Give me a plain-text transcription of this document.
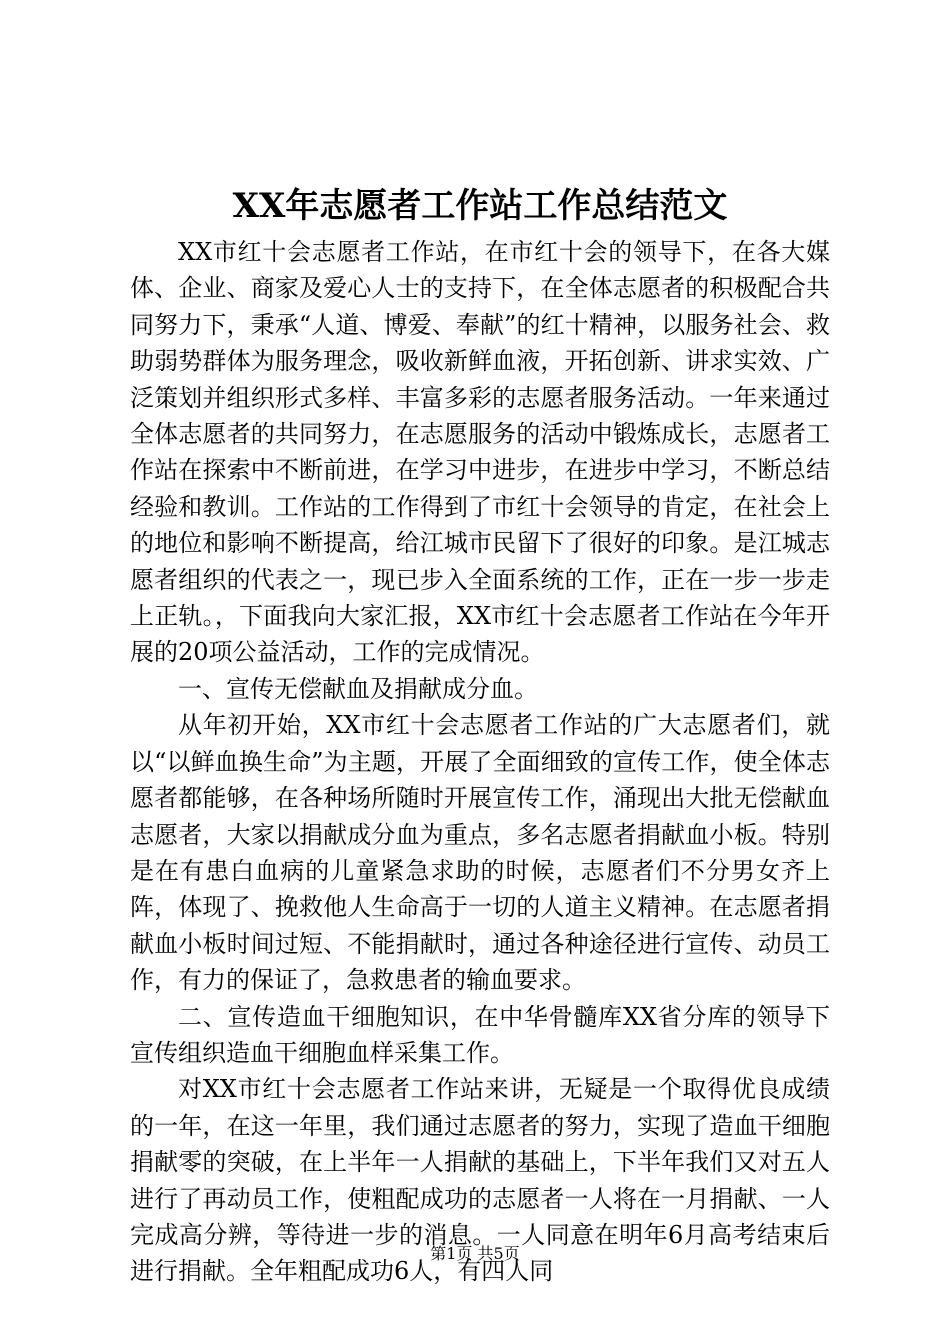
XX年志愿者工作站工作总结范文

XX市红十会志愿者工作站，在市红十会的领导下，在各大媒体、企业、商家及爱心人士的支持下，在全体志愿者的积极配合共同努力下，秉承“人道、博爱、奉献”的红十精神，以服务社会、救助弱势群体为服务理念，吸收新鲜血液，开拓创新、讲求实效、广泛策划并组织形式多样、丰富多彩的志愿者服务活动。一年来通过全体志愿者的共同努力，在志愿服务的活动中锻炼成长，志愿者工作站在探索中不断前进，在学习中进步，在进步中学习，不断总结经验和教训。工作站的工作得到了市红十会领导的肯定，在社会上的地位和影响不断提高，给江城市民留下了很好的印象。是江城志愿者组织的代表之一，现已步入全面系统的工作，正在一步一步走上正轨。，下面我向大家汇报，XX市红十会志愿者工作站在今年开展的20项公益活动，工作的完成情况。

一、宣传无偿献血及捐献成分血。

从年初开始，XX市红十会志愿者工作站的广大志愿者们，就以“以鲜血换生命”为主题，开展了全面细致的宣传工作，使全体志愿者都能够，在各种场所随时开展宣传工作，涌现出大批无偿献血志愿者，大家以捐献成分血为重点，多名志愿者捐献血小板。特别是在有患白血病的儿童紧急求助的时候，志愿者们不分男女齐上阵，体现了、挽救他人生命高于一切的人道主义精神。在志愿者捐献血小板时间过短、不能捐献时，通过各种途径进行宣传、动员工作，有力的保证了，急救患者的输血要求。

二、宣传造血干细胞知识，在中华骨髓库XX省分库的领导下宣传组织造血干细胞血样采集工作。

对XX市红十会志愿者工作站来讲，无疑是一个取得优良成绩的一年，在这一年里，我们通过志愿者的努力，实现了造血干细胞捐献零的突破，在上半年一人捐献的基础上，下半年我们又对五人进行了再动员工作，使粗配成功的志愿者一人将在一月捐献、一人完成高分辨，等待进一步的消息。一人同意在明年6月高考结束后进行捐献。全年粗配成功6人，有四人同

第1页 共5页
